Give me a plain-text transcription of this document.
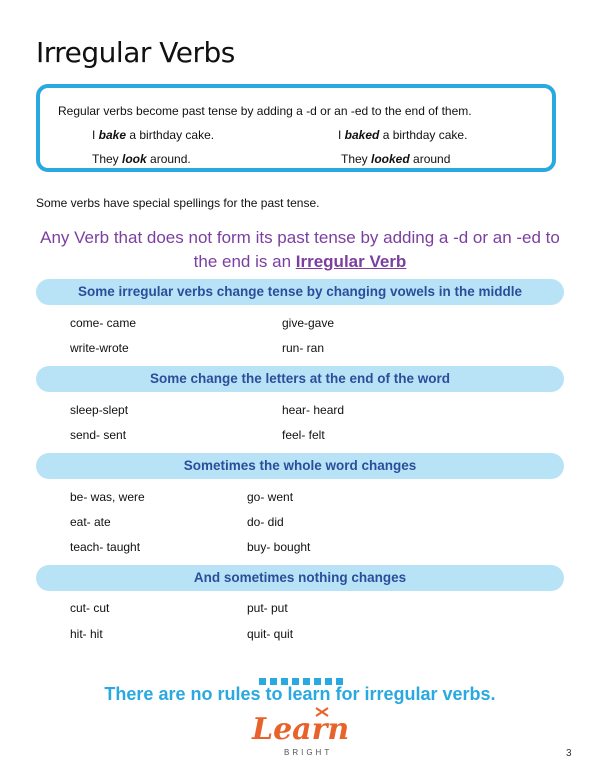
Irregular Verbs
Regular verbs become past tense by adding a -d or an -ed to the end of them.
I bake a birthday cake.	I baked a birthday cake.
They look around.	They looked around
Some verbs have special spellings for the past tense.
Any Verb that does not form its past tense by adding a -d or an -ed to the end is an Irregular Verb
Some irregular verbs change tense by changing vowels in the middle
come- came	give-gave
write-wrote	run- ran
Some change the letters at the end of the word
sleep-slept	hear- heard
send- sent	feel- felt
Sometimes the whole word changes
be- was, were	go- went
eat- ate	do- did
teach- taught	buy- bought
And sometimes nothing changes
cut- cut	put- put
hit- hit	quit- quit
There are no rules to learn for irregular verbs.
Learn
BRIGHT	3
